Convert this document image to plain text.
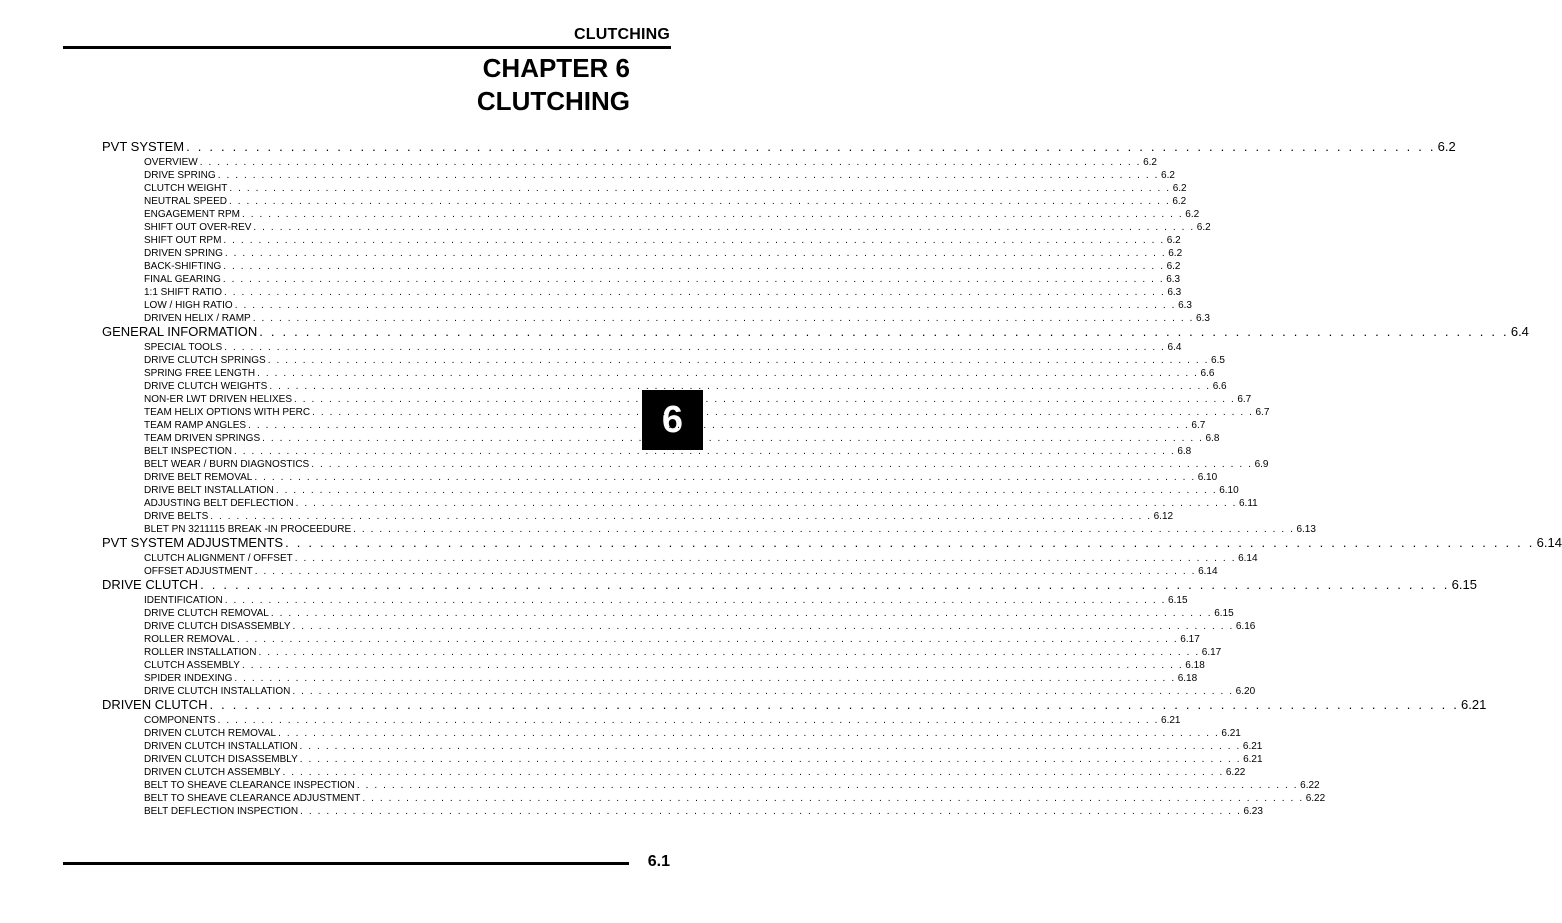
CLUTCHING
CHAPTER 6
CLUTCHING
6
PVT SYSTEM . . . . . . . . . . . . . . . . . . . . . . . . . . . . . . . . . . . . . . . . . . . . . . . . . . . . . . . . . . . . . . . . . . . . . . . . . . . . . . . . . . . . . . . . . . . . . . . . . . . . . . . . . . . . 6.2
OVERVIEW . . . . . . . . . . . . . . . . . . . . . . . . . . . . . . . . . . . . . . . . . . . . . . . . . . . . . . . . . . . . . . . . . . . . . . . . . . . . . . . . . . . . . . . . . . . . . . . . . . . . . . . . . . . . 6.2
DRIVE SPRING . . . . . . . . . . . . . . . . . . . . . . . . . . . . . . . . . . . . . . . . . . . . . . . . . . . . . . . . . . . . . . . . . . . . . . . . . . . . . . . . . . . . . . . . . . . . . . . . . . . . . . . . . . . . 6.2
CLUTCH WEIGHT . . . . . . . . . . . . . . . . . . . . . . . . . . . . . . . . . . . . . . . . . . . . . . . . . . . . . . . . . . . . . . . . . . . . . . . . . . . . . . . . . . . . . . . . . . . . . . . . . . . . . . . . . . . . 6.2
NEUTRAL SPEED . . . . . . . . . . . . . . . . . . . . . . . . . . . . . . . . . . . . . . . . . . . . . . . . . . . . . . . . . . . . . . . . . . . . . . . . . . . . . . . . . . . . . . . . . . . . . . . . . . . . . . . . . . . . 6.2
ENGAGEMENT RPM . . . . . . . . . . . . . . . . . . . . . . . . . . . . . . . . . . . . . . . . . . . . . . . . . . . . . . . . . . . . . . . . . . . . . . . . . . . . . . . . . . . . . . . . . . . . . . . . . . . . . . . . . . . . 6.2
SHIFT OUT OVER-REV . . . . . . . . . . . . . . . . . . . . . . . . . . . . . . . . . . . . . . . . . . . . . . . . . . . . . . . . . . . . . . . . . . . . . . . . . . . . . . . . . . . . . . . . . . . . . . . . . . . . . . . . . . . . 6.2
SHIFT OUT RPM . . . . . . . . . . . . . . . . . . . . . . . . . . . . . . . . . . . . . . . . . . . . . . . . . . . . . . . . . . . . . . . . . . . . . . . . . . . . . . . . . . . . . . . . . . . . . . . . . . . . . . . . . . . . 6.2
DRIVEN SPRING . . . . . . . . . . . . . . . . . . . . . . . . . . . . . . . . . . . . . . . . . . . . . . . . . . . . . . . . . . . . . . . . . . . . . . . . . . . . . . . . . . . . . . . . . . . . . . . . . . . . . . . . . . . . 6.2
BACK-SHIFTING . . . . . . . . . . . . . . . . . . . . . . . . . . . . . . . . . . . . . . . . . . . . . . . . . . . . . . . . . . . . . . . . . . . . . . . . . . . . . . . . . . . . . . . . . . . . . . . . . . . . . . . . . . . . 6.2
FINAL GEARING . . . . . . . . . . . . . . . . . . . . . . . . . . . . . . . . . . . . . . . . . . . . . . . . . . . . . . . . . . . . . . . . . . . . . . . . . . . . . . . . . . . . . . . . . . . . . . . . . . . . . . . . . . . . 6.3
1:1 SHIFT RATIO . . . . . . . . . . . . . . . . . . . . . . . . . . . . . . . . . . . . . . . . . . . . . . . . . . . . . . . . . . . . . . . . . . . . . . . . . . . . . . . . . . . . . . . . . . . . . . . . . . . . . . . . . . . . 6.3
LOW / HIGH RATIO . . . . . . . . . . . . . . . . . . . . . . . . . . . . . . . . . . . . . . . . . . . . . . . . . . . . . . . . . . . . . . . . . . . . . . . . . . . . . . . . . . . . . . . . . . . . . . . . . . . . . . . . . . . . 6.3
DRIVEN HELIX / RAMP . . . . . . . . . . . . . . . . . . . . . . . . . . . . . . . . . . . . . . . . . . . . . . . . . . . . . . . . . . . . . . . . . . . . . . . . . . . . . . . . . . . . . . . . . . . . . . . . . . . . . . . . . . . . 6.3
GENERAL INFORMATION . . . . . . . . . . . . . . . . . . . . . . . . . . . . . . . . . . . . . . . . . . . . . . . . . . . . . . . . . . . . . . . . . . . . . . . . . . . . . . . . . . . . . . . . . . . . . . . . . . . . . . . . . . . . 6.4
SPECIAL TOOLS . . . . . . . . . . . . . . . . . . . . . . . . . . . . . . . . . . . . . . . . . . . . . . . . . . . . . . . . . . . . . . . . . . . . . . . . . . . . . . . . . . . . . . . . . . . . . . . . . . . . . . . . . . . . 6.4
DRIVE CLUTCH SPRINGS . . . . . . . . . . . . . . . . . . . . . . . . . . . . . . . . . . . . . . . . . . . . . . . . . . . . . . . . . . . . . . . . . . . . . . . . . . . . . . . . . . . . . . . . . . . . . . . . . . . . . . . . . . . . 6.5
SPRING FREE LENGTH . . . . . . . . . . . . . . . . . . . . . . . . . . . . . . . . . . . . . . . . . . . . . . . . . . . . . . . . . . . . . . . . . . . . . . . . . . . . . . . . . . . . . . . . . . . . . . . . . . . . . . . . . . . . 6.6
DRIVE CLUTCH WEIGHTS . . . . . . . . . . . . . . . . . . . . . . . . . . . . . . . . . . . . . . . . . . . . . . . . . . . . . . . . . . . . . . . . . . . . . . . . . . . . . . . . . . . . . . . . . . . . . . . . . . . . . . . . . . . . 6.6
NON-ER LWT DRIVEN HELIXES . . . . . . . . . . . . . . . . . . . . . . . . . . . . . . . . . . . . . . . . . . . . . . . . . . . . . . . . . . . . . . . . . . . . . . . . . . . . . . . . . . . . . . . . . . . . . . . . . . . . . . . . . . . . 6.7
TEAM HELIX OPTIONS WITH PERC . . . . . . . . . . . . . . . . . . . . . . . . . . . . . . . . . . . . . . . . . . . . . . . . . . . . . . . . . . . . . . . . . . . . . . . . . . . . . . . . . . . . . . . . . . . . . . . . . . . . . . . . . . . . 6.7
TEAM RAMP ANGLES . . . . . . . . . . . . . . . . . . . . . . . . . . . . . . . . . . . . . . . . . . . . . . . . . . . . . . . . . . . . . . . . . . . . . . . . . . . . . . . . . . . . . . . . . . . . . . . . . . . . . . . . . . . . 6.7
TEAM DRIVEN SPRINGS . . . . . . . . . . . . . . . . . . . . . . . . . . . . . . . . . . . . . . . . . . . . . . . . . . . . . . . . . . . . . . . . . . . . . . . . . . . . . . . . . . . . . . . . . . . . . . . . . . . . . . . . . . . . 6.8
BELT INSPECTION . . . . . . . . . . . . . . . . . . . . . . . . . . . . . . . . . . . . . . . . . . . . . . . . . . . . . . . . . . . . . . . . . . . . . . . . . . . . . . . . . . . . . . . . . . . . . . . . . . . . . . . . . . . . 6.8
BELT WEAR / BURN DIAGNOSTICS . . . . . . . . . . . . . . . . . . . . . . . . . . . . . . . . . . . . . . . . . . . . . . . . . . . . . . . . . . . . . . . . . . . . . . . . . . . . . . . . . . . . . . . . . . . . . . . . . . . . . . . . . . . . 6.9
DRIVE BELT REMOVAL . . . . . . . . . . . . . . . . . . . . . . . . . . . . . . . . . . . . . . . . . . . . . . . . . . . . . . . . . . . . . . . . . . . . . . . . . . . . . . . . . . . . . . . . . . . . . . . . . . . . . . . . . . . . 6.10
DRIVE BELT INSTALLATION . . . . . . . . . . . . . . . . . . . . . . . . . . . . . . . . . . . . . . . . . . . . . . . . . . . . . . . . . . . . . . . . . . . . . . . . . . . . . . . . . . . . . . . . . . . . . . . . . . . . . . . . . . . . 6.10
ADJUSTING BELT DEFLECTION . . . . . . . . . . . . . . . . . . . . . . . . . . . . . . . . . . . . . . . . . . . . . . . . . . . . . . . . . . . . . . . . . . . . . . . . . . . . . . . . . . . . . . . . . . . . . . . . . . . . . . . . . . . . 6.11
DRIVE BELTS . . . . . . . . . . . . . . . . . . . . . . . . . . . . . . . . . . . . . . . . . . . . . . . . . . . . . . . . . . . . . . . . . . . . . . . . . . . . . . . . . . . . . . . . . . . . . . . . . . . . . . . . . . . . 6.12
BLET PN 3211115 BREAK -IN PROCEEDURE . . . . . . . . . . . . . . . . . . . . . . . . . . . . . . . . . . . . . . . . . . . . . . . . . . . . . . . . . . . . . . . . . . . . . . . . . . . . . . . . . . . . . . . . . . . . . . . . . . . . . . . . . . . . 6.13
PVT SYSTEM ADJUSTMENTS . . . . . . . . . . . . . . . . . . . . . . . . . . . . . . . . . . . . . . . . . . . . . . . . . . . . . . . . . . . . . . . . . . . . . . . . . . . . . . . . . . . . . . . . . . . . . . . . . . . . . . . . . . . . 6.14
CLUTCH ALIGNMENT / OFFSET . . . . . . . . . . . . . . . . . . . . . . . . . . . . . . . . . . . . . . . . . . . . . . . . . . . . . . . . . . . . . . . . . . . . . . . . . . . . . . . . . . . . . . . . . . . . . . . . . . . . . . . . . . . . 6.14
OFFSET ADJUSTMENT . . . . . . . . . . . . . . . . . . . . . . . . . . . . . . . . . . . . . . . . . . . . . . . . . . . . . . . . . . . . . . . . . . . . . . . . . . . . . . . . . . . . . . . . . . . . . . . . . . . . . . . . . . . . 6.14
DRIVE CLUTCH . . . . . . . . . . . . . . . . . . . . . . . . . . . . . . . . . . . . . . . . . . . . . . . . . . . . . . . . . . . . . . . . . . . . . . . . . . . . . . . . . . . . . . . . . . . . . . . . . . . . . . . . . . . . 6.15
IDENTIFICATION . . . . . . . . . . . . . . . . . . . . . . . . . . . . . . . . . . . . . . . . . . . . . . . . . . . . . . . . . . . . . . . . . . . . . . . . . . . . . . . . . . . . . . . . . . . . . . . . . . . . . . . . . . . . 6.15
DRIVE CLUTCH REMOVAL . . . . . . . . . . . . . . . . . . . . . . . . . . . . . . . . . . . . . . . . . . . . . . . . . . . . . . . . . . . . . . . . . . . . . . . . . . . . . . . . . . . . . . . . . . . . . . . . . . . . . . . . . . . . 6.15
DRIVE CLUTCH DISASSEMBLY . . . . . . . . . . . . . . . . . . . . . . . . . . . . . . . . . . . . . . . . . . . . . . . . . . . . . . . . . . . . . . . . . . . . . . . . . . . . . . . . . . . . . . . . . . . . . . . . . . . . . . . . . . . . 6.16
ROLLER REMOVAL . . . . . . . . . . . . . . . . . . . . . . . . . . . . . . . . . . . . . . . . . . . . . . . . . . . . . . . . . . . . . . . . . . . . . . . . . . . . . . . . . . . . . . . . . . . . . . . . . . . . . . . . . . . . 6.17
ROLLER INSTALLATION . . . . . . . . . . . . . . . . . . . . . . . . . . . . . . . . . . . . . . . . . . . . . . . . . . . . . . . . . . . . . . . . . . . . . . . . . . . . . . . . . . . . . . . . . . . . . . . . . . . . . . . . . . . . 6.17
CLUTCH ASSEMBLY . . . . . . . . . . . . . . . . . . . . . . . . . . . . . . . . . . . . . . . . . . . . . . . . . . . . . . . . . . . . . . . . . . . . . . . . . . . . . . . . . . . . . . . . . . . . . . . . . . . . . . . . . . . . 6.18
SPIDER INDEXING . . . . . . . . . . . . . . . . . . . . . . . . . . . . . . . . . . . . . . . . . . . . . . . . . . . . . . . . . . . . . . . . . . . . . . . . . . . . . . . . . . . . . . . . . . . . . . . . . . . . . . . . . . . . 6.18
DRIVE CLUTCH INSTALLATION . . . . . . . . . . . . . . . . . . . . . . . . . . . . . . . . . . . . . . . . . . . . . . . . . . . . . . . . . . . . . . . . . . . . . . . . . . . . . . . . . . . . . . . . . . . . . . . . . . . . . . . . . . . . 6.20
DRIVEN CLUTCH . . . . . . . . . . . . . . . . . . . . . . . . . . . . . . . . . . . . . . . . . . . . . . . . . . . . . . . . . . . . . . . . . . . . . . . . . . . . . . . . . . . . . . . . . . . . . . . . . . . . . . . . . . . . 6.21
COMPONENTS . . . . . . . . . . . . . . . . . . . . . . . . . . . . . . . . . . . . . . . . . . . . . . . . . . . . . . . . . . . . . . . . . . . . . . . . . . . . . . . . . . . . . . . . . . . . . . . . . . . . . . . . . . . . 6.21
DRIVEN CLUTCH REMOVAL . . . . . . . . . . . . . . . . . . . . . . . . . . . . . . . . . . . . . . . . . . . . . . . . . . . . . . . . . . . . . . . . . . . . . . . . . . . . . . . . . . . . . . . . . . . . . . . . . . . . . . . . . . . . 6.21
DRIVEN CLUTCH INSTALLATION . . . . . . . . . . . . . . . . . . . . . . . . . . . . . . . . . . . . . . . . . . . . . . . . . . . . . . . . . . . . . . . . . . . . . . . . . . . . . . . . . . . . . . . . . . . . . . . . . . . . . . . . . . . . 6.21
DRIVEN CLUTCH DISASSEMBLY . . . . . . . . . . . . . . . . . . . . . . . . . . . . . . . . . . . . . . . . . . . . . . . . . . . . . . . . . . . . . . . . . . . . . . . . . . . . . . . . . . . . . . . . . . . . . . . . . . . . . . . . . . . . 6.21
DRIVEN CLUTCH ASSEMBLY . . . . . . . . . . . . . . . . . . . . . . . . . . . . . . . . . . . . . . . . . . . . . . . . . . . . . . . . . . . . . . . . . . . . . . . . . . . . . . . . . . . . . . . . . . . . . . . . . . . . . . . . . . . . 6.22
BELT TO SHEAVE CLEARANCE INSPECTION . . . . . . . . . . . . . . . . . . . . . . . . . . . . . . . . . . . . . . . . . . . . . . . . . . . . . . . . . . . . . . . . . . . . . . . . . . . . . . . . . . . . . . . . . . . . . . . . . . . . . . . . . . . . 6.22
BELT TO SHEAVE CLEARANCE ADJUSTMENT . . . . . . . . . . . . . . . . . . . . . . . . . . . . . . . . . . . . . . . . . . . . . . . . . . . . . . . . . . . . . . . . . . . . . . . . . . . . . . . . . . . . . . . . . . . . . . . . . . . . . . . . . . . . 6.22
BELT DEFLECTION INSPECTION . . . . . . . . . . . . . . . . . . . . . . . . . . . . . . . . . . . . . . . . . . . . . . . . . . . . . . . . . . . . . . . . . . . . . . . . . . . . . . . . . . . . . . . . . . . . . . . . . . . . . . . . . . . . 6.23
6.1
